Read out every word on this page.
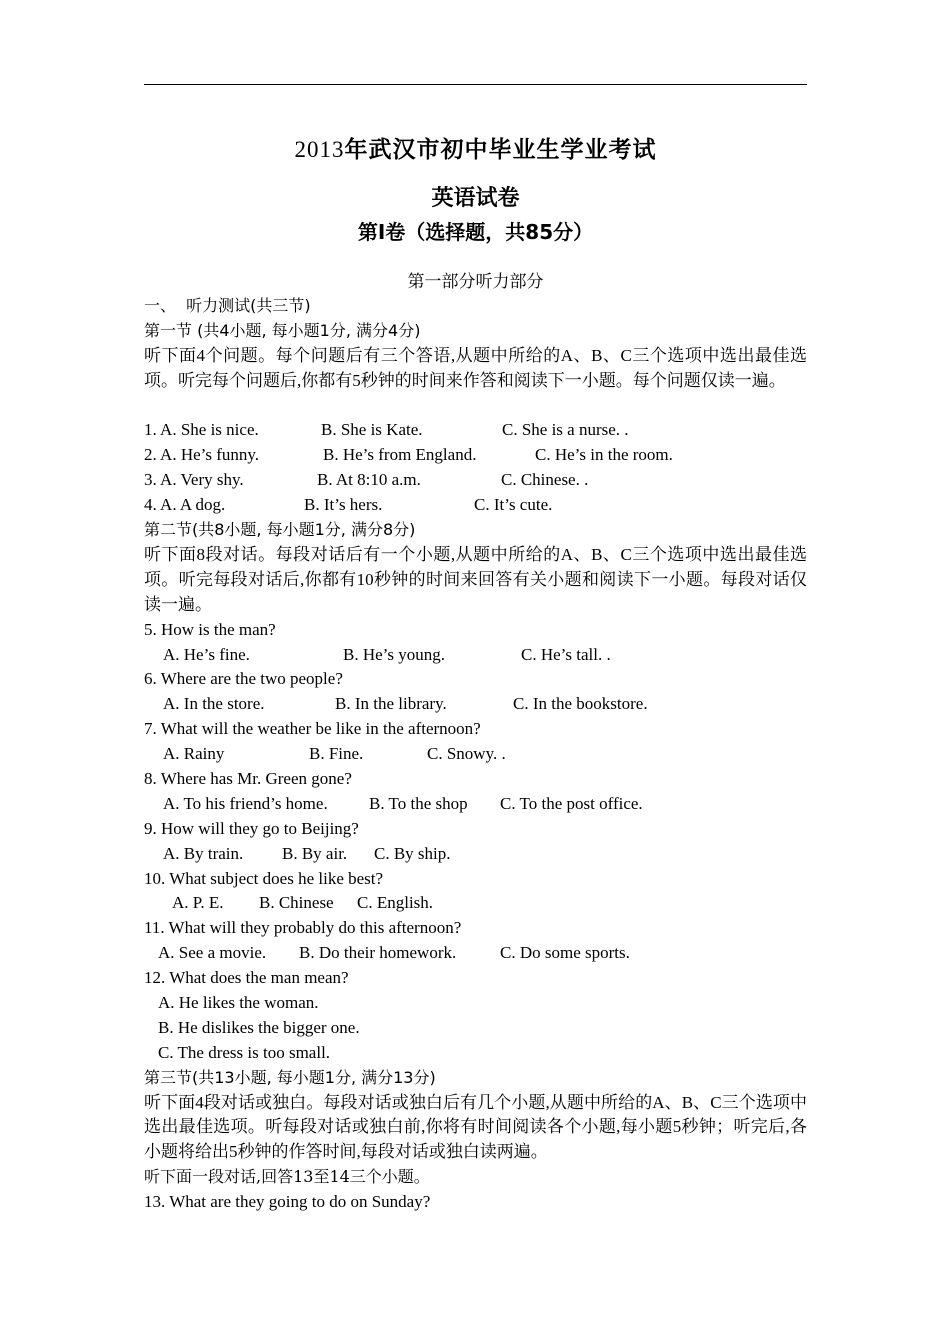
2013年武汉市初中毕业生学业考试
英语试卷
第Ⅰ卷（选择题，共85分）
第一部分听力部分
一、  听力测试(共三节)
第一节 (共4小题, 每小题1分, 满分4分)
听下面4个问题。每个问题后有三个答语,从题中所给的A、B、C三个选项中选出最佳选项。听完每个问题后,你都有5秒钟的时间来作答和阅读下一小题。每个问题仅读一遍。
1. A. She is nice.	B. She is Kate.	C. She is a nurse. .
2. A. He’s funny.	B. He’s from England.	C. He’s in the room.
3. A. Very shy.	B. At 8:10 a.m.	C. Chinese. .
4. A. A dog.	B. It’s hers.	C. It’s cute.
第二节(共8小题, 每小题1分, 满分8分)
听下面8段对话。每段对话后有一个小题,从题中所给的A、B、C三个选项中选出最佳选项。听完每段对话后,你都有10秒钟的时间来回答有关小题和阅读下一小题。每段对话仅读一遍。
5. How is the man?
A. He’s fine.	B. He’s young.	C. He’s tall. .
6. Where are the two people?
A. In the store.	B. In the library.	C. In the bookstore.
7. What will the weather be like in the afternoon?
A. Rainy	B. Fine.	C. Snowy. .
8. Where has Mr. Green gone?
A. To his friend’s home.	B. To the shop	C. To the post office.
9. How will they go to Beijing?
A. By train.	B. By air.	C. By ship.
10. What subject does he like best?
A. P. E.	B. Chinese	C. English.
11. What will they probably do this afternoon?
A. See a movie.	B. Do their homework.	C. Do some sports.
12. What does the man mean?
A. He likes the woman.
B. He dislikes the bigger one.
C. The dress is too small.
第三节(共13小题, 每小题1分, 满分13分)
听下面4段对话或独白。每段对话或独白后有几个小题,从题中所给的A、B、C三个选项中选出最佳选项。听每段对话或独白前,你将有时间阅读各个小题,每小题5秒钟；听完后,各小题将给出5秒钟的作答时间,每段对话或独白读两遍。
听下面一段对话,回答13至14三个小题。
13. What are they going to do on Sunday?
